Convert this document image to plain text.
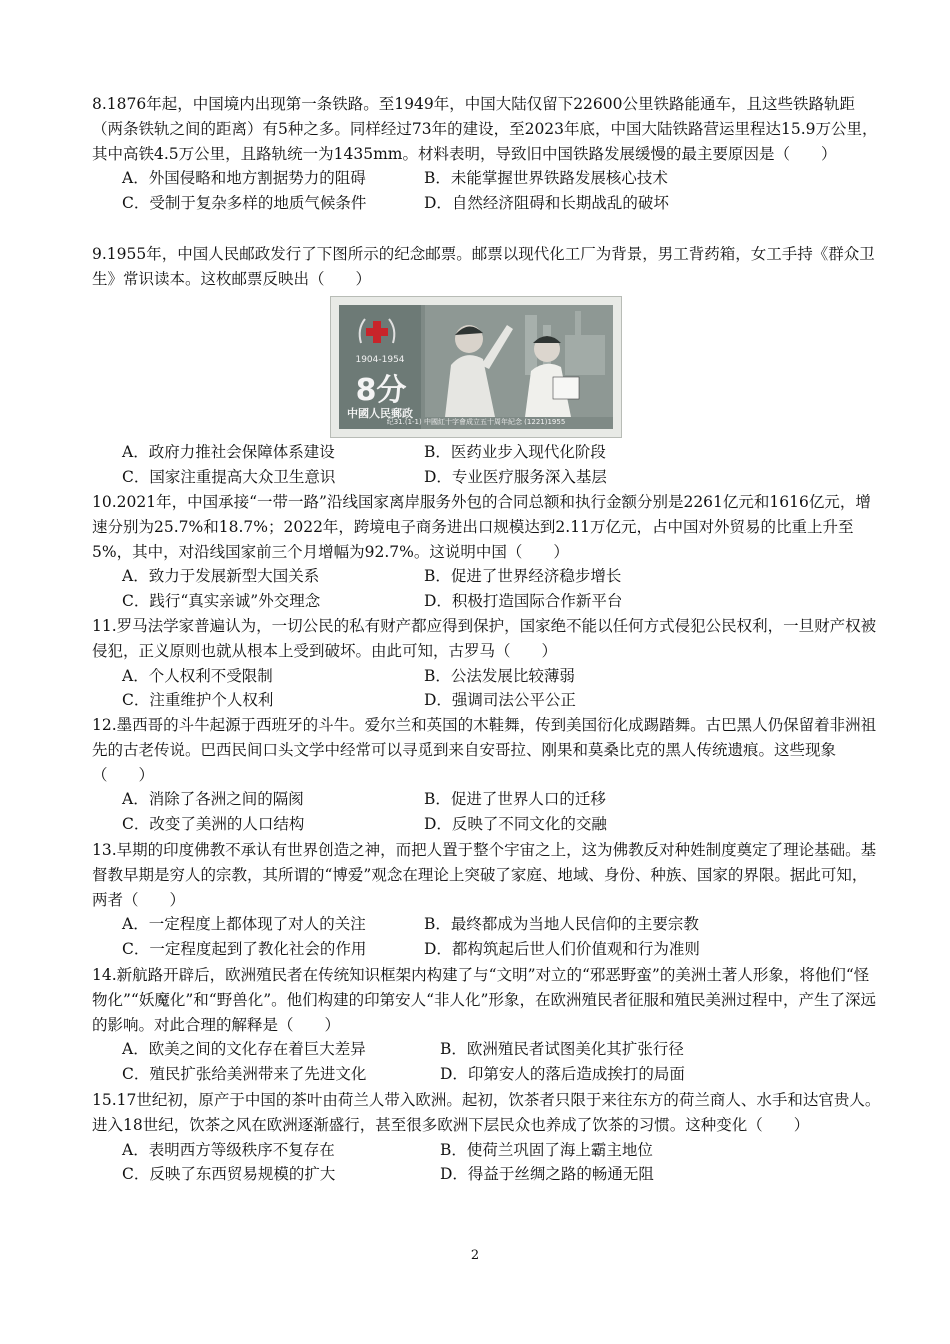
8.1876年起，中国境内出现第一条铁路。至1949年，中国大陆仅留下22600公里铁路能通车，且这些铁路轨距（两条铁轨之间的距离）有5种之多。同样经过73年的建设，至2023年底，中国大陆铁路营运里程达15.9万公里，其中高铁4.5万公里，且路轨统一为1435mm。材料表明，导致旧中国铁路发展缓慢的最主要原因是（　　）

A．外国侵略和地方割据势力的阻碍	B．未能掌握世界铁路发展核心技术
C．受制于复杂多样的地质气候条件	D．自然经济阻碍和长期战乱的破坏

9.1955年，中国人民邮政发行了下图所示的纪念邮票。邮票以现代化工厂为背景，男工背药箱，女工手持《群众卫生》常识读本。这枚邮票反映出（　　）

1904-1954
8分
中國人民郵政
纪31.(1-1) 中國紅十字會成立五十周年紀念 (1221)1955
A．政府力推社会保障体系建设	B．医药业步入现代化阶段
C．国家注重提高大众卫生意识	D．专业医疗服务深入基层

10.2021年，中国承接“一带一路”沿线国家离岸服务外包的合同总额和执行金额分别是2261亿元和1616亿元，增速分别为25.7%和18.7%；2022年，跨境电子商务进出口规模达到2.11万亿元，占中国对外贸易的比重上升至5%，其中，对沿线国家前三个月增幅为92.7%。这说明中国（　　）

A．致力于发展新型大国关系	B．促进了世界经济稳步增长
C．践行“真实亲诚”外交理念	D．积极打造国际合作新平台

11.罗马法学家普遍认为，一切公民的私有财产都应得到保护，国家绝不能以任何方式侵犯公民权利，一旦财产权被侵犯，正义原则也就从根本上受到破坏。由此可知，古罗马（　　）

A．个人权利不受限制	B．公法发展比较薄弱
C．注重维护个人权利	D．强调司法公平公正

12.墨西哥的斗牛起源于西班牙的斗牛。爱尔兰和英国的木鞋舞，传到美国衍化成踢踏舞。古巴黑人仍保留着非洲祖先的古老传说。巴西民间口头文学中经常可以寻觅到来自安哥拉、刚果和莫桑比克的黑人传统遗痕。这些现象（　　）

A．消除了各洲之间的隔阂	B．促进了世界人口的迁移
C．改变了美洲的人口结构	D．反映了不同文化的交融

13.早期的印度佛教不承认有世界创造之神，而把人置于整个宇宙之上，这为佛教反对种姓制度奠定了理论基础。基督教早期是穷人的宗教，其所谓的“博爱”观念在理论上突破了家庭、地域、身份、种族、国家的界限。据此可知，两者（　　）

A．一定程度上都体现了对人的关注	B．最终都成为当地人民信仰的主要宗教
C．一定程度起到了教化社会的作用	D．都构筑起后世人们价值观和行为准则

14.新航路开辟后，欧洲殖民者在传统知识框架内构建了与“文明”对立的“邪恶野蛮”的美洲土著人形象，将他们“怪物化”“妖魔化”和“野兽化”。他们构建的印第安人“非人化”形象，在欧洲殖民者征服和殖民美洲过程中，产生了深远的影响。对此合理的解释是（　　）

A．欧美之间的文化存在着巨大差异	B．欧洲殖民者试图美化其扩张行径
C．殖民扩张给美洲带来了先进文化	D．印第安人的落后造成挨打的局面

15.17世纪初，原产于中国的茶叶由荷兰人带入欧洲。起初，饮茶者只限于来往东方的荷兰商人、水手和达官贵人。进入18世纪，饮茶之风在欧洲逐渐盛行，甚至很多欧洲下层民众也养成了饮茶的习惯。这种变化（　　）

A．表明西方等级秩序不复存在	B．使荷兰巩固了海上霸主地位
C．反映了东西贸易规模的扩大	D．得益于丝绸之路的畅通无阻
2
